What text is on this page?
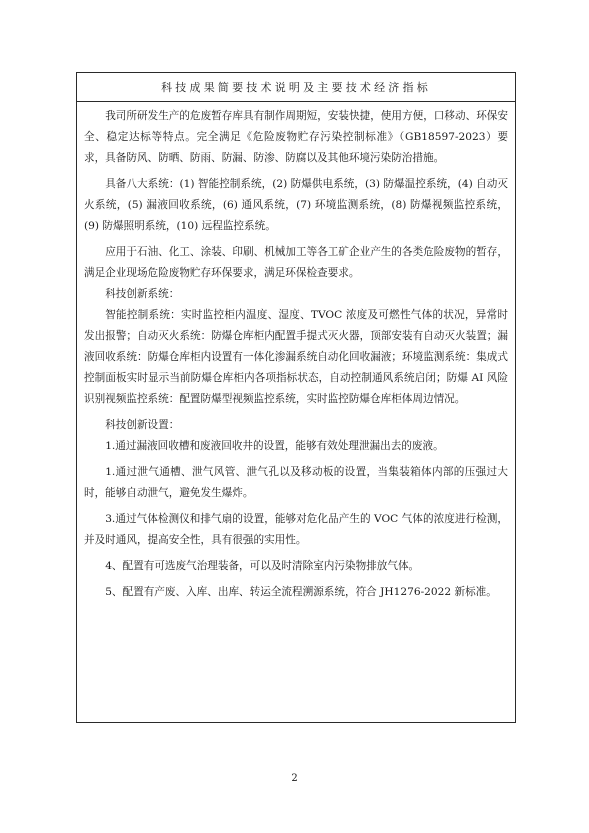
科技成果简要技术说明及主要技术经济指标

我司所研发生产的危废暂存库具有制作周期短，安装快捷，使用方便，口移动、环保安全、稳定达标等特点。完全满足《危险废物贮存污染控制标准》（GB18597-2023）要求，具备防风、防晒、防雨、防漏、防渗、防腐以及其他环境污染防治措施。

具备八大系统：(1) 智能控制系统，(2) 防爆供电系统，(3) 防爆温控系统，(4) 自动灭火系统，(5) 漏液回收系统，(6) 通风系统，(7) 环境监测系统，(8) 防爆视频监控系统，(9) 防爆照明系统，(10) 远程监控系统。

应用于石油、化工、涂装、印刷、机械加工等各工矿企业产生的各类危险废物的暂存，满足企业现场危险废物贮存环保要求，满足环保检查要求。

科技创新系统：

智能控制系统：实时监控柜内温度、湿度、TVOC 浓度及可燃性气体的状况，异常时发出报警；自动灭火系统：防爆仓库柜内配置手提式灭火器，顶部安装有自动灭火装置；漏液回收系统：防爆仓库柜内设置有一体化渗漏系统自动化回收漏液；环境监测系统：集成式控制面板实时显示当前防爆仓库柜内各项指标状态，自动控制通风系统启闭；防爆 AI 风险识别视频监控系统：配置防爆型视频监控系统，实时监控防爆仓库柜体周边情况。

科技创新设置：

1.通过漏液回收槽和废液回收井的设置，能够有效处理泄漏出去的废液。

1.通过泄气通槽、泄气风管、泄气孔以及移动板的设置，当集装箱体内部的压强过大时，能够自动泄气，避免发生爆炸。

3.通过气体检测仪和排气扇的设置，能够对危化品产生的 VOC 气体的浓度进行检测，并及时通风，提高安全性，具有很强的实用性。

4、配置有可选废气治理装备，可以及时清除室内污染物排放气体。

5、配置有产废、入库、出库、转运全流程溯源系统，符合 JH1276-2022 新标准。

2
